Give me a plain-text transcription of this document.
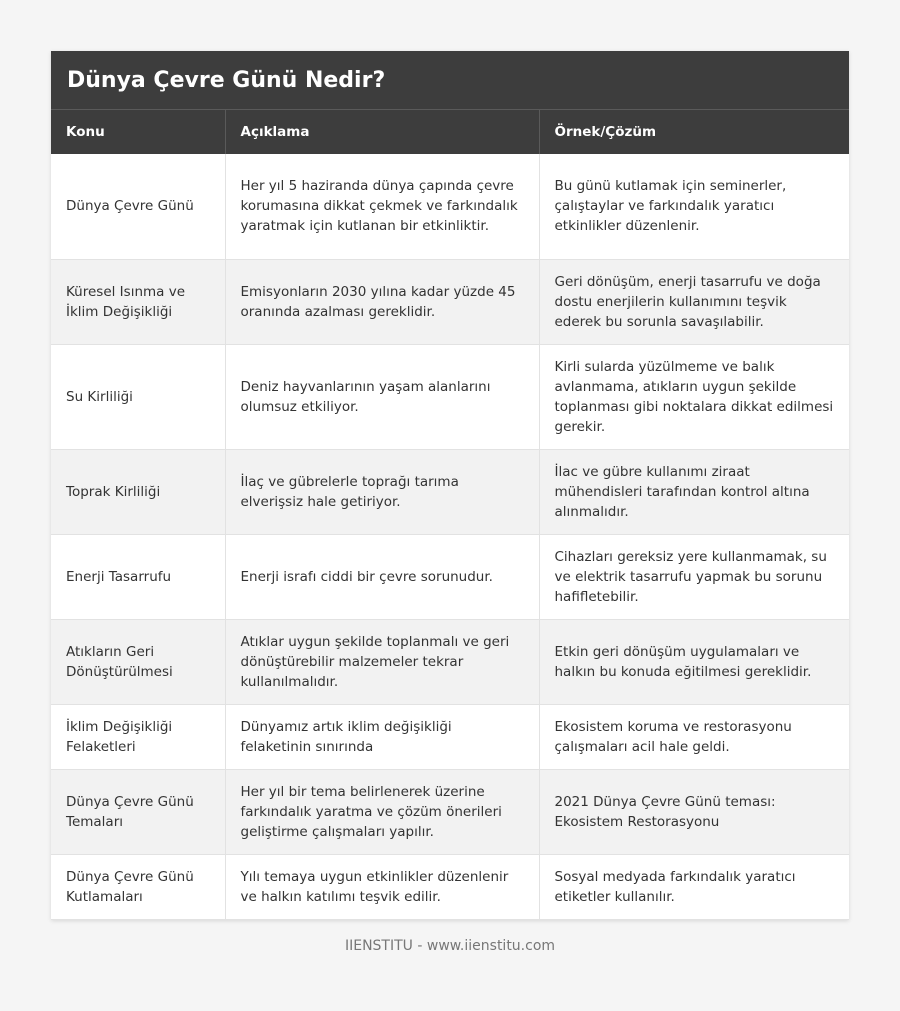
Dünya Çevre Günü Nedir?
Konu	Açıklama	Örnek/Çözüm
Dünya Çevre Günü	Her yıl 5 haziranda dünya çapında çevre korumasına dikkat çekmek ve farkındalık yaratmak için kutlanan bir etkinliktir.	Bu günü kutlamak için seminerler, çalıştaylar ve farkındalık yaratıcı etkinlikler düzenlenir.
Küresel Isınma ve İklim Değişikliği	Emisyonların 2030 yılına kadar yüzde 45 oranında azalması gereklidir.	Geri dönüşüm, enerji tasarrufu ve doğa dostu enerjilerin kullanımını teşvik ederek bu sorunla savaşılabilir.
Su Kirliliği	Deniz hayvanlarının yaşam alanlarını olumsuz etkiliyor.	Kirli sularda yüzülmeme ve balık avlanmama, atıkların uygun şekilde toplanması gibi noktalara dikkat edilmesi gerekir.
Toprak Kirliliği	İlaç ve gübrelerle toprağı tarıma elverişsiz hale getiriyor.	İlac ve gübre kullanımı ziraat mühendisleri tarafından kontrol altına alınmalıdır.
Enerji Tasarrufu	Enerji israfı ciddi bir çevre sorunudur.	Cihazları gereksiz yere kullanmamak, su ve elektrik tasarrufu yapmak bu sorunu hafifletebilir.
Atıkların Geri Dönüştürülmesi	Atıklar uygun şekilde toplanmalı ve geri dönüştürebilir malzemeler tekrar kullanılmalıdır.	Etkin geri dönüşüm uygulamaları ve halkın bu konuda eğitilmesi gereklidir.
İklim Değişikliği Felaketleri	Dünyamız artık iklim değişikliği felaketinin sınırında	Ekosistem koruma ve restorasyonu çalışmaları acil hale geldi.
Dünya Çevre Günü Temaları	Her yıl bir tema belirlenerek üzerine farkındalık yaratma ve çözüm önerileri geliştirme çalışmaları yapılır.	2021 Dünya Çevre Günü teması: Ekosistem Restorasyonu
Dünya Çevre Günü Kutlamaları	Yılı temaya uygun etkinlikler düzenlenir ve halkın katılımı teşvik edilir.	Sosyal medyada farkındalık yaratıcı etiketler kullanılır.
IIENSTITU - www.iienstitu.com
